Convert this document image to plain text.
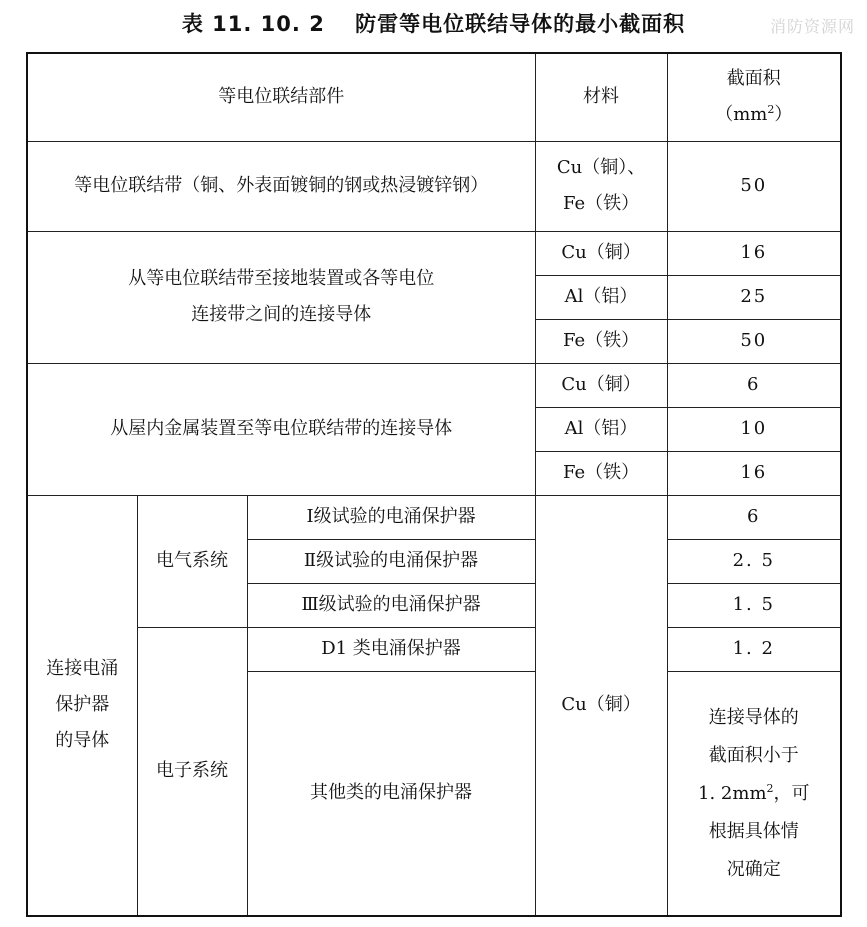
表 11. 10. 2　 防雷等电位联结导体的最小截面积	消防资源网
等电位联结部件			材料	截面积
$(mm^2)$

等电位联结带（铜、外表面镀铜的钢或热浸镀锌钢）			Cu（铜）、
Fe（铁）	50

从等电位联结带至接地装置或各等电位
连接带之间的连接导体			Cu（铜）	16
			Al（铝）	25
			Fe（铁）	50
从屋内金属装置至等电位联结带的连接导体			Cu（铜）	6
			Al（铝）	10
			Fe（铁）	16

连接电涌
保护器
的导体	电气系统	Ⅰ级试验的电涌保护器	Cu（铜）	6
		Ⅱ级试验的电涌保护器		2. 5
		Ⅲ级试验的电涌保护器		1. 5
	电子系统	D1 类电涌保护器		1. 2
		其他类的电涌保护器		连接导体的
截面积小于
1. $2mm^2$，可
根据具体情
况确定
